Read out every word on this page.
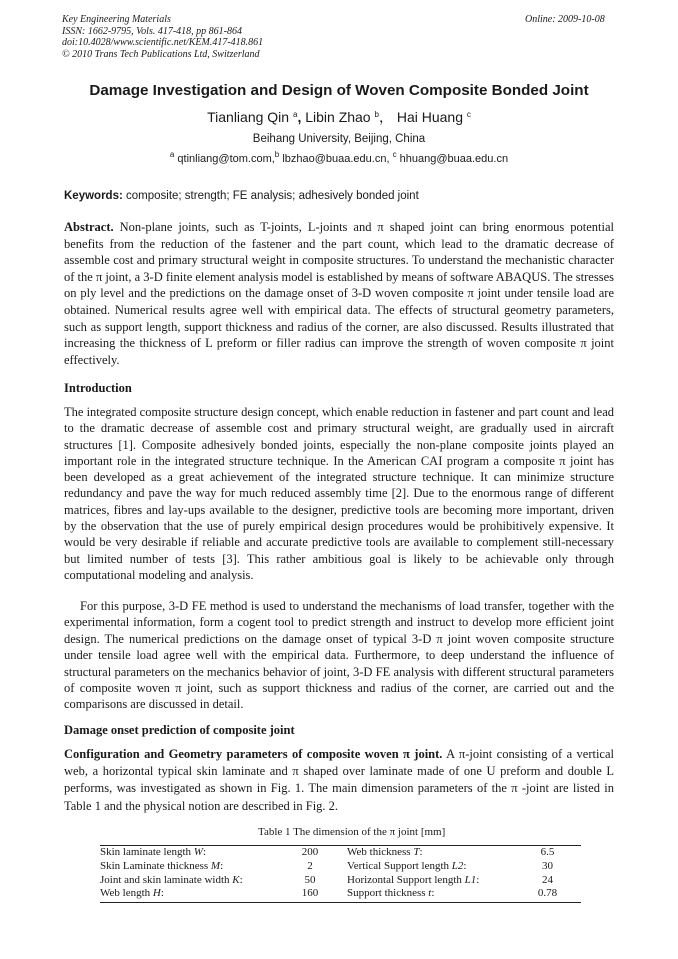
Key Engineering Materials
ISSN: 1662-9795, Vols. 417-418, pp 861-864
doi:10.4028/www.scientific.net/KEM.417-418.861
© 2010 Trans Tech Publications Ltd, Switzerland
Online: 2009-10-08
Damage Investigation and Design of Woven Composite Bonded Joint
Tianliang Qin $^a$, Libin Zhao $^b$， Hai Huang $^c$
Beihang University, Beijing, China
$^a$ qtinliang@tom.com,$^b$ lbzhao@buaa.edu.cn, $^c$ hhuang@buaa.edu.cn
Keywords: composite; strength; FE analysis; adhesively bonded joint

Abstract. Non-plane joints, such as T-joints, L-joints and π shaped joint can bring enormous potential benefits from the reduction of the fastener and the part count, which lead to the dramatic decrease of assemble cost and primary structural weight in composite structures. To understand the mechanistic character of the π joint, a 3-D finite element analysis model is established by means of software ABAQUS. The stresses on ply level and the predictions on the damage onset of 3-D woven composite π joint under tensile load are obtained. Numerical results agree well with empirical data. The effects of structural geometry parameters, such as support length, support thickness and radius of the corner, are also discussed. Results illustrated that increasing the thickness of L preform or filler radius can improve the strength of woven composite π joint effectively.

Introduction

The integrated composite structure design concept, which enable reduction in fastener and part count and lead to the dramatic decrease of assemble cost and primary structural weight, are gradually used in aircraft structures [1]. Composite adhesively bonded joints, especially the non-plane composite joints played an important role in the integrated structure technique. In the American CAI program a composite π joint has been developed as a great achievement of the integrated structure technique. It can minimize structure redundancy and pave the way for much reduced assembly time [2]. Due to the enormous range of different matrices, fibres and lay-ups available to the designer, predictive tools are becoming more important, driven by the observation that the use of purely empirical design procedures would be prohibitively expensive. It would be very desirable if reliable and accurate predictive tools are available to complement still-necessary but limited number of tests [3]. This rather ambitious goal is likely to be achievable only through computational modeling and analysis.

For this purpose, 3-D FE method is used to understand the mechanisms of load transfer, together with the experimental information, form a cogent tool to predict strength and instruct to develop more efficient joint design. The numerical predictions on the damage onset of typical 3-D π joint woven composite structure under tensile load agree well with the empirical data. Furthermore, to deep understand the influence of structural parameters on the mechanics behavior of joint, 3-D FE analysis with different structural parameters of composite woven π joint, such as support thickness and radius of the corner, are carried out and the comparisons are discussed in detail.

Damage onset prediction of composite joint

Configuration and Geometry parameters of composite woven π joint. A π-joint consisting of a vertical web, a horizontal typical skin laminate and π shaped over laminate made of one U preform and double L performs, was investigated as shown in Fig. 1. The main dimension parameters of the π -joint are listed in Table 1 and the physical notion are described in Fig. 2.

Table 1 The dimension of the π joint [mm]
Skin laminate length W:	200	Web thickness T:	6.5
Skin Laminate thickness M:	2	Vertical Support length L2:	30
Joint and skin laminate width K:	50	Horizontal Support length L1:	24
Web length H:	160	Support thickness t:	0.78
